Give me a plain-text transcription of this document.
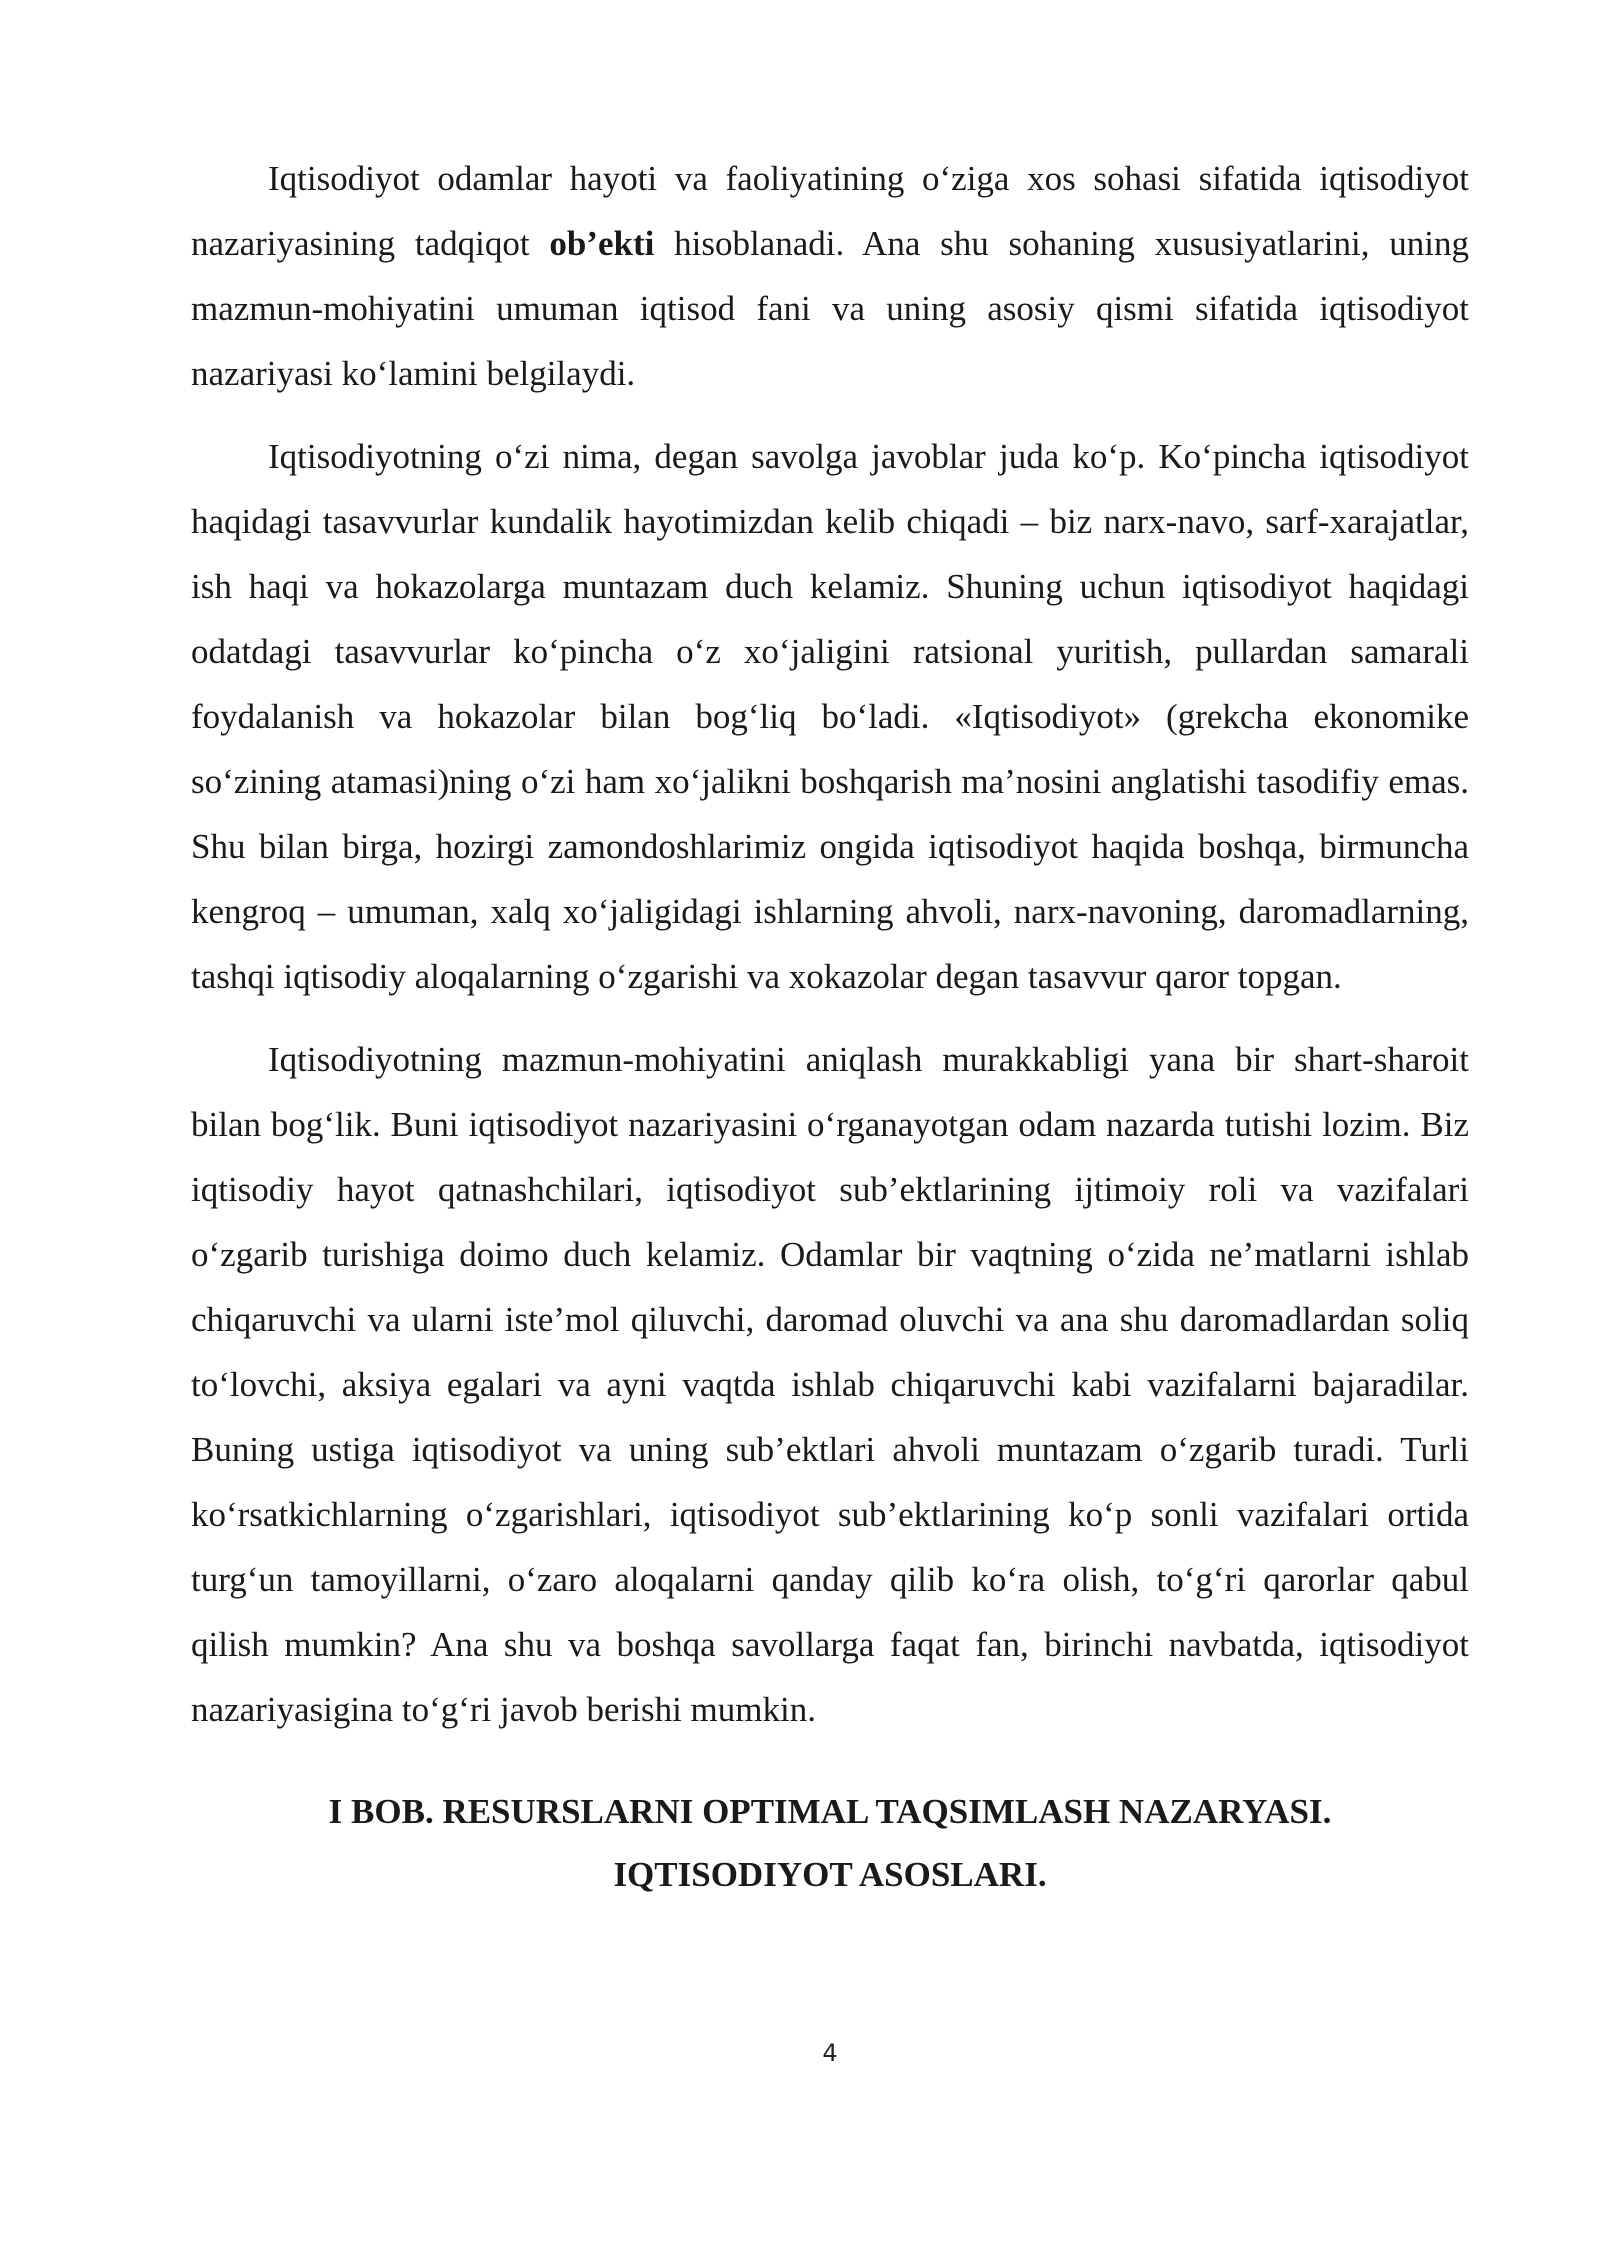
Iqtisodiyot odamlar hayoti va faoliyatining o‘ziga xos sohasi sifatida iqtisodiyot nazariyasining tadqiqot ob’ekti hisoblanadi. Ana shu sohaning xususiyatlarini, uning mazmun-mohiyatini umuman iqtisod fani va uning asosiy qismi sifatida iqtisodiyot nazariyasi ko‘lamini belgilaydi.

Iqtisodiyotning o‘zi nima, degan savolga javoblar juda ko‘p. Ko‘pincha iqtisodiyot haqidagi tasavvurlar kundalik hayotimizdan kelib chiqadi – biz narx-navo, sarf-xarajatlar, ish haqi va hokazolarga muntazam duch kelamiz. Shuning uchun iqtisodiyot haqidagi odatdagi tasavvurlar ko‘pincha o‘z xo‘jaligini ratsional yuritish, pullardan samarali foydalanish va hokazolar bilan bog‘liq bo‘ladi. «Iqtisodiyot» (grekcha ekonomike so‘zining atamasi)ning o‘zi ham xo‘jalikni boshqarish ma’nosini anglatishi tasodifiy emas. Shu bilan birga, hozirgi zamondoshlarimiz ongida iqtisodiyot haqida boshqa, birmuncha kengroq – umuman, xalq xo‘jaligidagi ishlarning ahvoli, narx-navoning, daromadlarning, tashqi iqtisodiy aloqalarning o‘zgarishi va xokazolar degan tasavvur qaror topgan.

Iqtisodiyotning mazmun-mohiyatini aniqlash murakkabligi yana bir shart-sharoit bilan bog‘lik. Buni iqtisodiyot nazariyasini o‘rganayotgan odam nazarda tutishi lozim. Biz iqtisodiy hayot qatnashchilari, iqtisodiyot sub’ektlarining ijtimoiy roli va vazifalari o‘zgarib turishiga doimo duch kelamiz. Odamlar bir vaqtning o‘zida ne’matlarni ishlab chiqaruvchi va ularni iste’mol qiluvchi, daromad oluvchi va ana shu daromadlardan soliq to‘lovchi, aksiya egalari va ayni vaqtda ishlab chiqaruvchi kabi vazifalarni bajaradilar. Buning ustiga iqtisodiyot va uning sub’ektlari ahvoli muntazam o‘zgarib turadi. Turli ko‘rsatkichlarning o‘zgarishlari, iqtisodiyot sub’ektlarining ko‘p sonli vazifalari ortida turg‘un tamoyillarni, o‘zaro aloqalarni qanday qilib ko‘ra olish, to‘g‘ri qarorlar qabul qilish mumkin? Ana shu va boshqa savollarga faqat fan, birinchi navbatda, iqtisodiyot nazariyasigina to‘g‘ri javob berishi mumkin.

I BOB. RESURSLARNI OPTIMAL TAQSIMLASH NAZARYASI.
IQTISODIYOT ASOSLARI.
4
